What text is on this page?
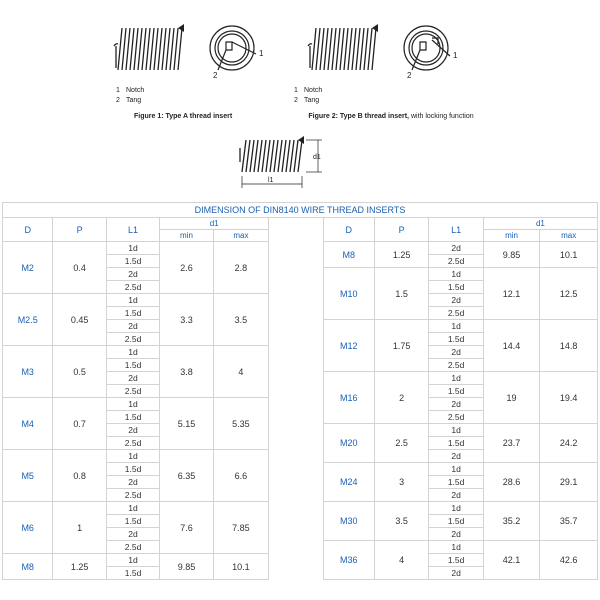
1
2
1 Notch
2 Tang
Figure 1: Type A thread insert
1
2
1 Notch
2 Tang
Figure 2: Type B thread insert, with locking function
d1
l1
DIMENSION OF DIN8140 WIRE THREAD INSERTS										
D	P	L1	d1			D	P	L1	d1	
			min	max					min	max
M2	0.4	1d	2.6	2.8		M8	1.25	2d	9.85	10.1
		1.5d						2.5d		
		2d				M10	1.5	1d	12.1	12.5
		2.5d						1.5d		
M2.5	0.45	1d	3.3	3.5				2d		
		1.5d						2.5d		
		2d				M12	1.75	1d	14.4	14.8
		2.5d						1.5d		
M3	0.5	1d	3.8	4				2d		
		1.5d						2.5d		
		2d				M16	2	1d	19	19.4
		2.5d						1.5d		
M4	0.7	1d	5.15	5.35				2d		
		1.5d						2.5d		
		2d				M20	2.5	1d	23.7	24.2
		2.5d						1.5d		
M5	0.8	1d	6.35	6.6				2d		
		1.5d				M24	3	1d	28.6	29.1
		2d						1.5d		
		2.5d						2d		
M6	1	1d	7.6	7.85		M30	3.5	1d	35.2	35.7
		1.5d						1.5d		
		2d						2d		
		2.5d				M36	4	1d	42.1	42.6
M8	1.25	1d	9.85	10.1				1.5d		
		1.5d						2d		
